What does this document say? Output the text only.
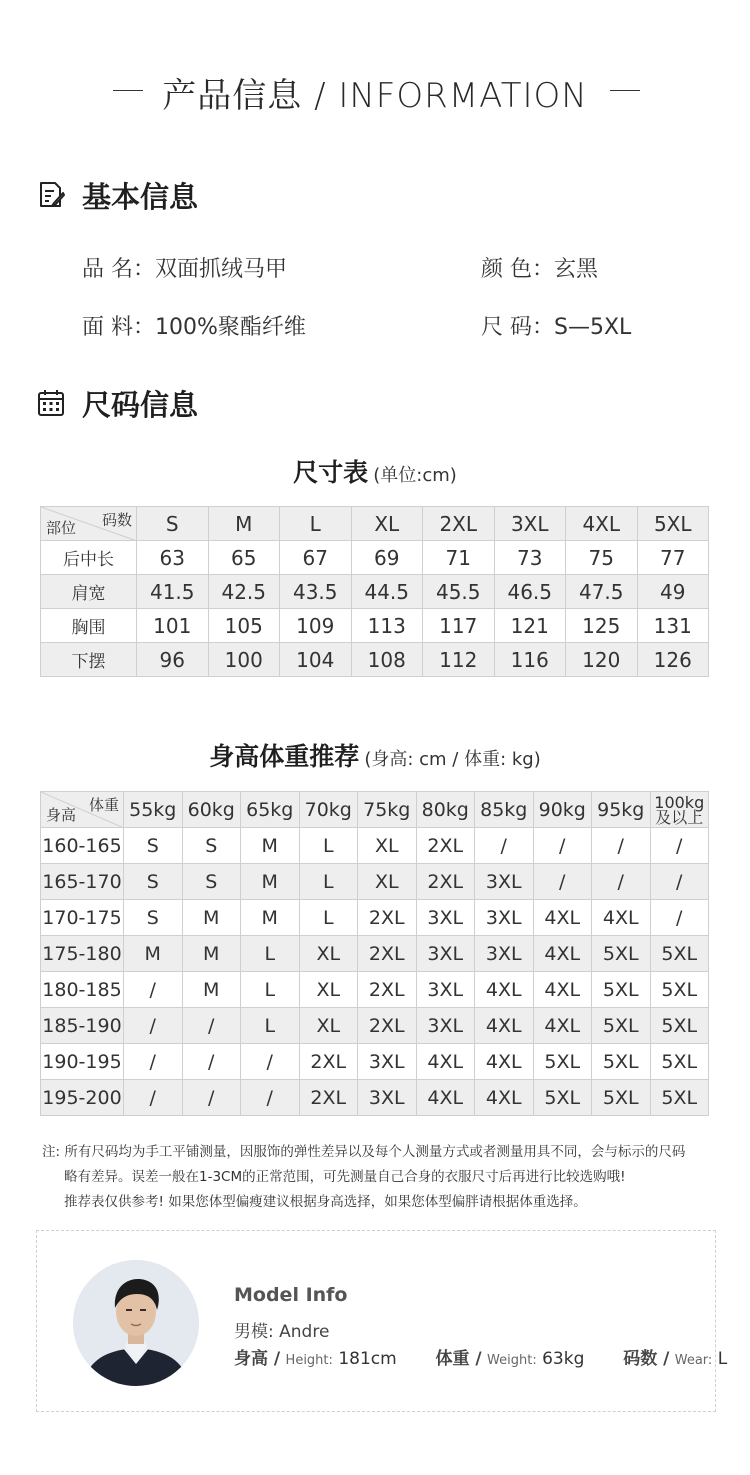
产品信息 / INFORMATION
基本信息
品 名：双面抓绒马甲	颜 色：玄黑
面 料：100%聚酯纤维	尺 码：S—5XL
尺码信息
尺寸表 (单位:cm)
码数
部位	S	M	L	XL	2XL	3XL	4XL	5XL
后中长	63	65	67	69	71	73	75	77
肩宽	41.5	42.5	43.5	44.5	45.5	46.5	47.5	49
胸围	101	105	109	113	117	121	125	131
下摆	96	100	104	108	112	116	120	126
身高体重推荐 (身高: cm / 体重: kg)
体重
身高	55kg	60kg	65kg	70kg	75kg	80kg	85kg	90kg	95kg	100kg 及以上
160-165	S	S	M	L	XL	2XL	/	/	/	/
165-170	S	S	M	L	XL	2XL	3XL	/	/	/
170-175	S	M	M	L	2XL	3XL	3XL	4XL	4XL	/
175-180	M	M	L	XL	2XL	3XL	3XL	4XL	5XL	5XL
180-185	/	M	L	XL	2XL	3XL	4XL	4XL	5XL	5XL
185-190	/	/	L	XL	2XL	3XL	4XL	4XL	5XL	5XL
190-195	/	/	/	2XL	3XL	4XL	4XL	5XL	5XL	5XL
195-200	/	/	/	2XL	3XL	4XL	4XL	5XL	5XL	5XL

注: 所有尺码均为手工平铺测量，因服饰的弹性差异以及每个人测量方式或者测量用具不同，会与标示的尺码

略有差异。误差一般在1-3CM的正常范围，可先测量自己合身的衣服尺寸后再进行比较选购哦!

推荐表仅供参考! 如果您体型偏瘦建议根据身高选择，如果您体型偏胖请根据体重选择。

Model Info
男模: Andre
身高 / Height: 181cm 体重 / Weight: 63kg 码数 / Wear: L
